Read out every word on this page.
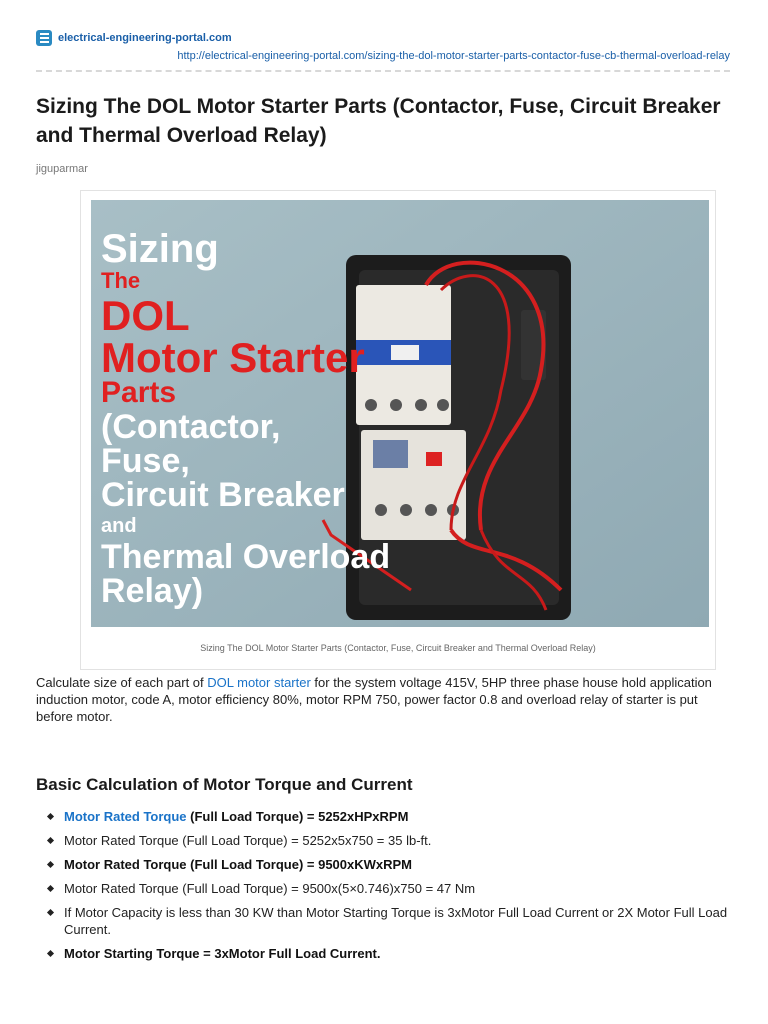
electrical-engineering-portal.com
http://electrical-engineering-portal.com/sizing-the-dol-motor-starter-parts-contactor-fuse-cb-thermal-overload-relay
Sizing The DOL Motor Starter Parts (Contactor, Fuse, Circuit Breaker and Thermal Overload Relay)
jiguparmar
Sizing
The
DOL
Motor Starter
Parts
(Contactor,
Fuse,
Circuit Breaker
and
Thermal Overload
Relay)
Sizing The DOL Motor Starter Parts (Contactor, Fuse, Circuit Breaker and Thermal Overload Relay)

Calculate size of each part of DOL motor starter for the system voltage 415V, 5HP three phase house hold application induction motor, code A, motor efficiency 80%, motor RPM 750, power factor 0.8 and overload relay of starter is put before motor.

Basic Calculation of Motor Torque and Current
Motor Rated Torque (Full Load Torque) = 5252xHPxRPM
Motor Rated Torque (Full Load Torque) = 5252x5x750 = 35 lb-ft.
Motor Rated Torque (Full Load Torque) = 9500xKWxRPM
Motor Rated Torque (Full Load Torque) = 9500x(5×0.746)x750 = 47 Nm
If Motor Capacity is less than 30 KW than Motor Starting Torque is 3xMotor Full Load Current or 2X Motor Full Load Current.
Motor Starting Torque = 3xMotor Full Load Current.
